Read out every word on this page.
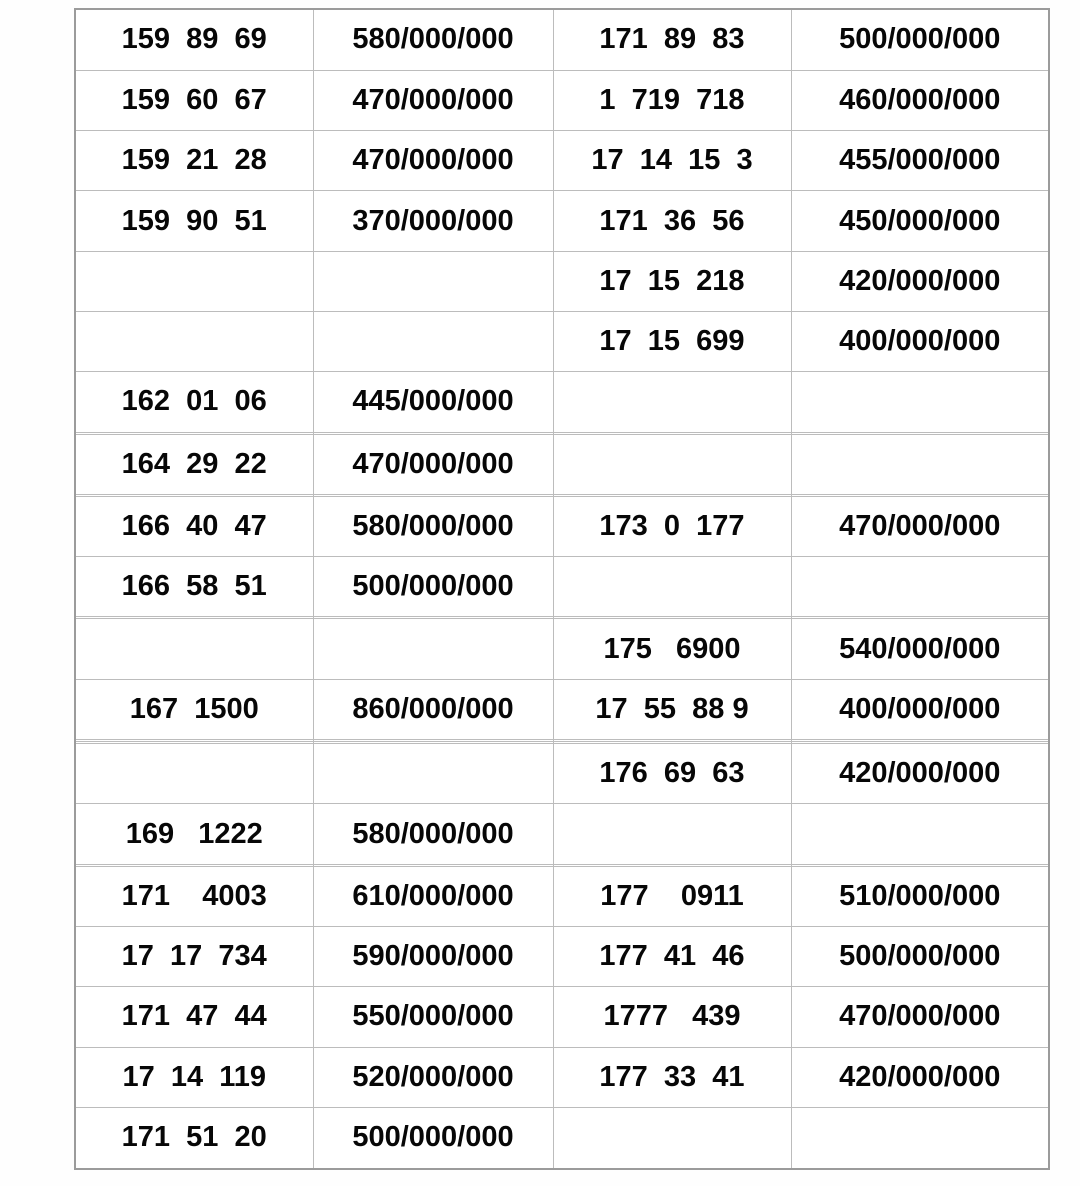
159  89  69	580/000/000	171  89  83	500/000/000
159  60  67	470/000/000	1  719  718	460/000/000
159  21  28	470/000/000	17  14  15  3	455/000/000
159  90  51	370/000/000	171  36  56	450/000/000
		17  15  218	420/000/000
		17  15  699	400/000/000
162  01  06	445/000/000		

164  29  22	470/000/000		

166  40  47	580/000/000	173  0  177	470/000/000
166  58  51	500/000/000		

		175   6900	540/000/000
167  1500	860/000/000	17  55  88 9	400/000/000

		176  69  63	420/000/000
169   1222	580/000/000		

171    4003	610/000/000	177    0911	510/000/000
17  17  734	590/000/000	177  41  46	500/000/000
171  47  44	550/000/000	1777   439	470/000/000
17  14  119	520/000/000	177  33  41	420/000/000
171  51  20	500/000/000		
